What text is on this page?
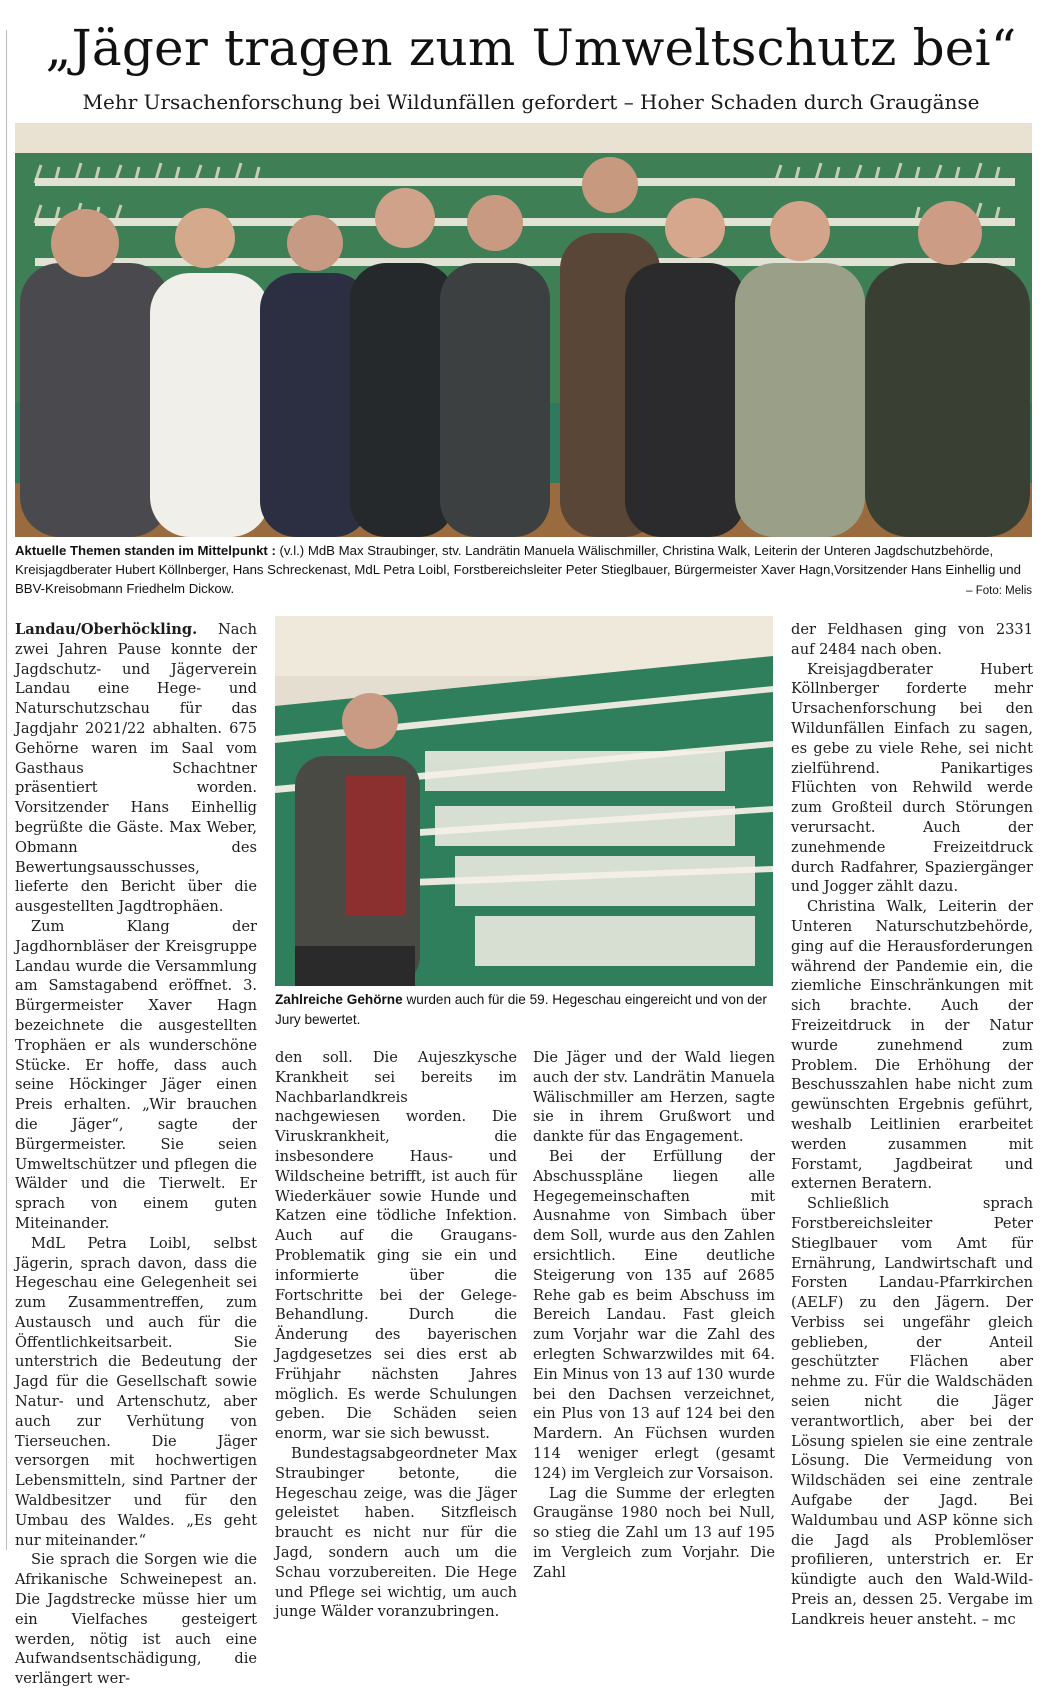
„Jäger tragen zum Umweltschutz bei“
Mehr Ursachenforschung bei Wildunfällen gefordert – Hoher Schaden durch Graugänse
Aktuelle Themen standen im Mittelpunkt : (v.l.) MdB Max Straubinger, stv. Landrätin Manuela Wälischmiller, Christina Walk, Leiterin der Unteren Jagdschutzbehörde, Kreisjagdberater Hubert Köllnberger, Hans Schreckenast, MdL Petra Loibl, Forstbereichsleiter Peter Stieglbauer, Bürgermeister Xaver Hagn,Vorsitzender Hans Einhellig und BBV-Kreisobmann Friedhelm Dickow.	– Foto: Melis
Zahlreiche Gehörne wurden auch für die 59. Hegeschau eingereicht und von der Jury bewertet.

Landau/Oberhöckling. Nach zwei Jahren Pause konnte der Jagdschutz- und Jägerverein Landau eine Hege- und Naturschutzschau für das Jagdjahr 2021/22 abhalten. 675 Gehörne waren im Saal vom Gasthaus Schachtner präsentiert worden. Vorsitzender Hans Einhellig begrüßte die Gäste. Max Weber, Obmann des Bewertungsausschusses, lieferte den Bericht über die ausgestellten Jagdtrophäen.

Zum Klang der Jagdhornbläser der Kreisgruppe Landau wurde die Versammlung am Samstagabend eröffnet. 3. Bürgermeister Xaver Hagn bezeichnete die ausgestellten Trophäen er als wunderschöne Stücke. Er hoffe, dass auch seine Höckinger Jäger einen Preis erhalten. „Wir brauchen die Jäger“, sagte der Bürgermeister. Sie seien Umweltschützer und pflegen die Wälder und die Tierwelt. Er sprach von einem guten Miteinander.

MdL Petra Loibl, selbst Jägerin, sprach davon, dass die Hegeschau eine Gelegenheit sei zum Zusammentreffen, zum Austausch und auch für die Öffentlichkeitsarbeit. Sie unterstrich die Bedeutung der Jagd für die Gesellschaft sowie Natur- und Artenschutz, aber auch zur Verhütung von Tierseuchen. Die Jäger versorgen mit hochwertigen Lebensmitteln, sind Partner der Waldbesitzer und für den Umbau des Waldes. „Es geht nur miteinander.“

Sie sprach die Sorgen wie die Afrikanische Schweinepest an. Die Jagdstrecke müsse hier um ein Vielfaches gesteigert werden, nötig ist auch eine Aufwandsentschädigung, die verlängert wer-

den soll. Die Aujeszkysche Krankheit sei bereits im Nachbarlandkreis nachgewiesen worden. Die Viruskrankheit, die insbesondere Haus- und Wildscheine betrifft, ist auch für Wiederkäuer sowie Hunde und Katzen eine tödliche Infektion. Auch auf die Graugans-Problematik ging sie ein und informierte über die Fortschritte bei der Gelege-Behandlung. Durch die Änderung des bayerischen Jagdgesetzes sei dies erst ab Frühjahr nächsten Jahres möglich. Es werde Schulungen geben. Die Schäden seien enorm, war sie sich bewusst.

Bundestagsabgeordneter Max Straubinger betonte, die Hegeschau zeige, was die Jäger geleistet haben. Sitzfleisch braucht es nicht nur für die Jagd, sondern auch um die Schau vorzubereiten. Die Hege und Pflege sei wichtig, um auch junge Wälder voranzubringen.

Die Jäger und der Wald liegen auch der stv. Landrätin Manuela Wälischmiller am Herzen, sagte sie in ihrem Grußwort und dankte für das Engagement.

Bei der Erfüllung der Abschusspläne liegen alle Hegegemeinschaften mit Ausnahme von Simbach über dem Soll, wurde aus den Zahlen ersichtlich. Eine deutliche Steigerung von 135 auf 2685 Rehe gab es beim Abschuss im Bereich Landau. Fast gleich zum Vorjahr war die Zahl des erlegten Schwarzwildes mit 64. Ein Minus von 13 auf 130 wurde bei den Dachsen verzeichnet, ein Plus von 13 auf 124 bei den Mardern. An Füchsen wurden 114 weniger erlegt (gesamt 124) im Vergleich zur Vorsaison.

Lag die Summe der erlegten Graugänse 1980 noch bei Null, so stieg die Zahl um 13 auf 195 im Vergleich zum Vorjahr. Die Zahl

der Feldhasen ging von 2331 auf 2484 nach oben.

Kreisjagdberater Hubert Köllnberger forderte mehr Ursachenforschung bei den Wildunfällen Einfach zu sagen, es gebe zu viele Rehe, sei nicht zielführend. Panikartiges Flüchten von Rehwild werde zum Großteil durch Störungen verursacht. Auch der zunehmende Freizeitdruck durch Radfahrer, Spaziergänger und Jogger zählt dazu.

Christina Walk, Leiterin der Unteren Naturschutzbehörde, ging auf die Herausforderungen während der Pandemie ein, die ziemliche Einschränkungen mit sich brachte. Auch der Freizeitdruck in der Natur wurde zunehmend zum Problem. Die Erhöhung der Beschusszahlen habe nicht zum gewünschten Ergebnis geführt, weshalb Leitlinien erarbeitet werden zusammen mit Forstamt, Jagdbeirat und externen Beratern.

Schließlich sprach Forstbereichsleiter Peter Stieglbauer vom Amt für Ernährung, Landwirtschaft und Forsten Landau-Pfarrkirchen (AELF) zu den Jägern. Der Verbiss sei ungefähr gleich geblieben, der Anteil geschützter Flächen aber nehme zu. Für die Waldschäden seien nicht die Jäger verantwortlich, aber bei der Lösung spielen sie eine zentrale Lösung. Die Vermeidung von Wildschäden sei eine zentrale Aufgabe der Jagd. Bei Waldumbau und ASP könne sich die Jagd als Problemlöser profilieren, unterstrich er. Er kündigte auch den Wald-Wild-Preis an, dessen 25. Vergabe im Landkreis heuer ansteht. – mc
